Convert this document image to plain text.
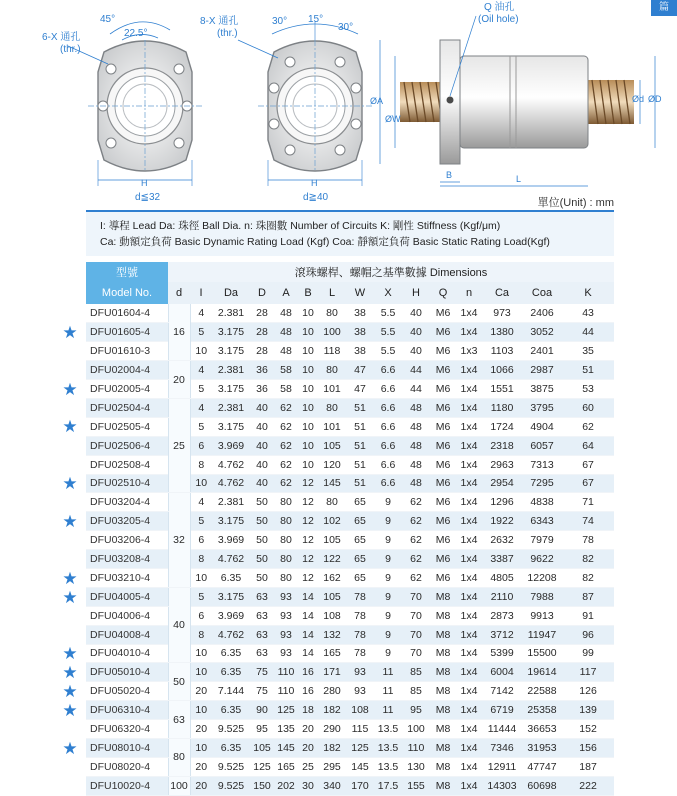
6-X 通孔
(thr.)
45°
22.5°
H
d≦32
8-X 通孔
(thr.)
30° 15°
30°
H
d≧40
Q 油孔
(Oil hole)
ØA
ØW
Ød ØD
B	L
篇
單位(Unit) : mm
I: 導程 Lead Da: 珠徑 Ball Dia. n: 珠圈數 Number of Circuits K: 剛性 Stiffness (Kgf/μm)
Ca: 動額定負荷 Basic Dynamic Rating Load (Kgf) Coa: 靜額定負荷 Basic Static Rating Load(Kgf)
★
★
★
★
★
★
★
★
★
★
★
★
型號	滾珠螺桿、螺帽之基準數據 Dimensions														
Model No.	d	I	Da	D	A	B	L	W	X	H	Q	n	Ca	Coa	K
DFU01604-4	16	4	2.381	28	48	10	80	38	5.5	40	M6	1x4	973	2406	43
DFU01605-4		5	3.175	28	48	10	100	38	5.5	40	M6	1x4	1380	3052	44
DFU01610-3		10	3.175	28	48	10	118	38	5.5	40	M6	1x3	1103	2401	35
DFU02004-4	20	4	2.381	36	58	10	80	47	6.6	44	M6	1x4	1066	2987	51
DFU02005-4		5	3.175	36	58	10	101	47	6.6	44	M6	1x4	1551	3875	53
DFU02504-4	25	4	2.381	40	62	10	80	51	6.6	48	M6	1x4	1180	3795	60
DFU02505-4		5	3.175	40	62	10	101	51	6.6	48	M6	1x4	1724	4904	62
DFU02506-4		6	3.969	40	62	10	105	51	6.6	48	M6	1x4	2318	6057	64
DFU02508-4		8	4.762	40	62	10	120	51	6.6	48	M6	1x4	2963	7313	67
DFU02510-4		10	4.762	40	62	12	145	51	6.6	48	M6	1x4	2954	7295	67
DFU03204-4	32	4	2.381	50	80	12	80	65	9	62	M6	1x4	1296	4838	71
DFU03205-4		5	3.175	50	80	12	102	65	9	62	M6	1x4	1922	6343	74
DFU03206-4		6	3.969	50	80	12	105	65	9	62	M6	1x4	2632	7979	78
DFU03208-4		8	4.762	50	80	12	122	65	9	62	M6	1x4	3387	9622	82
DFU03210-4		10	6.35	50	80	12	162	65	9	62	M6	1x4	4805	12208	82
DFU04005-4	40	5	3.175	63	93	14	105	78	9	70	M8	1x4	2110	7988	87
DFU04006-4		6	3.969	63	93	14	108	78	9	70	M8	1x4	2873	9913	91
DFU04008-4		8	4.762	63	93	14	132	78	9	70	M8	1x4	3712	11947	96
DFU04010-4		10	6.35	63	93	14	165	78	9	70	M8	1x4	5399	15500	99
DFU05010-4	50	10	6.35	75	110	16	171	93	11	85	M8	1x4	6004	19614	117
DFU05020-4		20	7.144	75	110	16	280	93	11	85	M8	1x4	7142	22588	126
DFU06310-4	63	10	6.35	90	125	18	182	108	11	95	M8	1x4	6719	25358	139
DFU06320-4		20	9.525	95	135	20	290	115	13.5	100	M8	1x4	11444	36653	152
DFU08010-4	80	10	6.35	105	145	20	182	125	13.5	110	M8	1x4	7346	31953	156
DFU08020-4		20	9.525	125	165	25	295	145	13.5	130	M8	1x4	12911	47747	187
DFU10020-4	100	20	9.525	150	202	30	340	170	17.5	155	M8	1x4	14303	60698	222
